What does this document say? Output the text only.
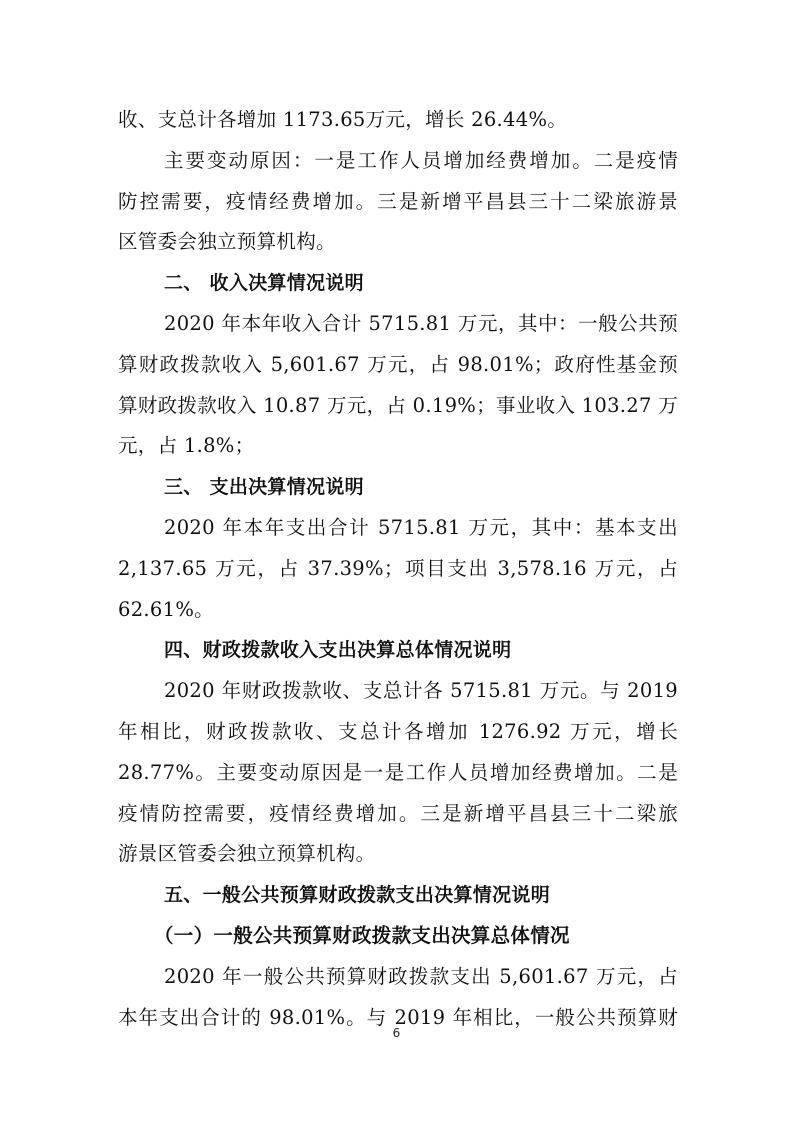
收、支总计各增加 1173.65万元，增长 26.44%。
主要变动原因：一是工作人员增加经费增加。二是疫情
防控需要，疫情经费增加。三是新增平昌县三十二梁旅游景
区管委会独立预算机构。
二、 收入决算情况说明
2020 年本年收入合计 5715.81 万元，其中：一般公共预
算财政拨款收入 5,601.67 万元，占 98.01%；政府性基金预
算财政拨款收入 10.87 万元，占 0.19%；事业收入 103.27 万
元，占 1.8%；
三、 支出决算情况说明
2020 年本年支出合计 5715.81 万元，其中：基本支出
2,137.65 万元，占 37.39%；项目支出 3,578.16 万元，占
62.61%。
四、财政拨款收入支出决算总体情况说明
2020 年财政拨款收、支总计各 5715.81 万元。与 2019
年相比，财政拨款收、支总计各增加 1276.92 万元，增长
28.77%。主要变动原因是一是工作人员增加经费增加。二是
疫情防控需要，疫情经费增加。三是新增平昌县三十二梁旅
游景区管委会独立预算机构。
五、一般公共预算财政拨款支出决算情况说明
（一）一般公共预算财政拨款支出决算总体情况
2020 年一般公共预算财政拨款支出 5,601.67 万元，占
本年支出合计的 98.01%。与 2019 年相比，一般公共预算财
6
